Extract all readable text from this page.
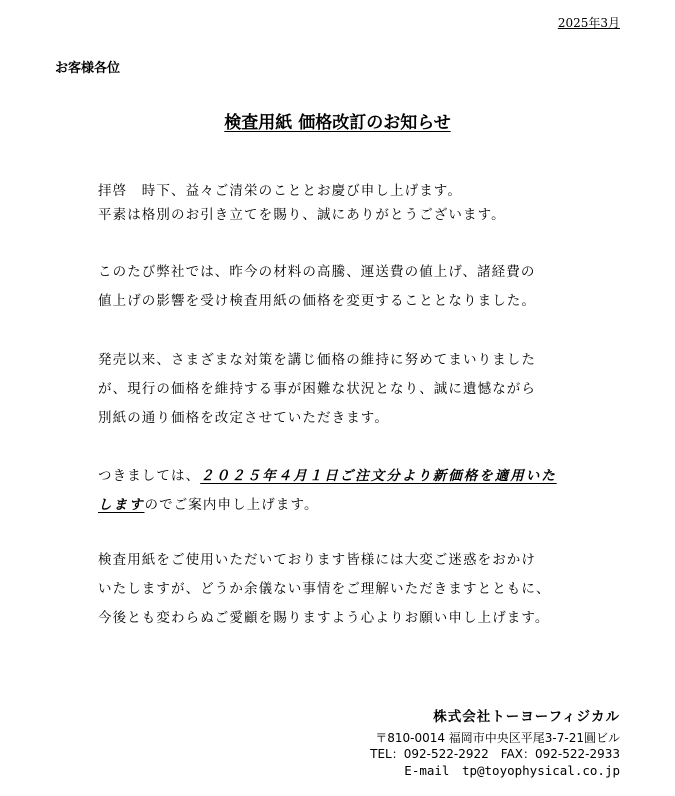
2025年3月
お客様各位
検査用紙 価格改訂のお知らせ
拝啓　時下、益々ご清栄のこととお慶び申し上げます。
平素は格別のお引き立てを賜り、誠にありがとうございます。
このたび弊社では、昨今の材料の高騰、運送費の値上げ、諸経費の
値上げの影響を受け検査用紙の価格を変更することとなりました。
発売以来、さまざまな対策を講じ価格の維持に努めてまいりました
が、現行の価格を維持する事が困難な状況となり、誠に遺憾ながら
別紙の通り価格を改定させていただきます。
つきましては、２０２５年４月１日ご注文分より新価格を適用いた
しますのでご案内申し上げます。
検査用紙をご使用いただいております皆様には大変ご迷惑をおかけ
いたしますが、どうか余儀ない事情をご理解いただきますとともに、
今後とも変わらぬご愛顧を賜りますよう心よりお願い申し上げます。
株式会社トーヨーフィジカル
〒810-0014 福岡市中央区平尾3-7-21圓ビル
TEL：092-522-2922　FAX：092-522-2933
E-mail　tp@toyophysical.co.jp
